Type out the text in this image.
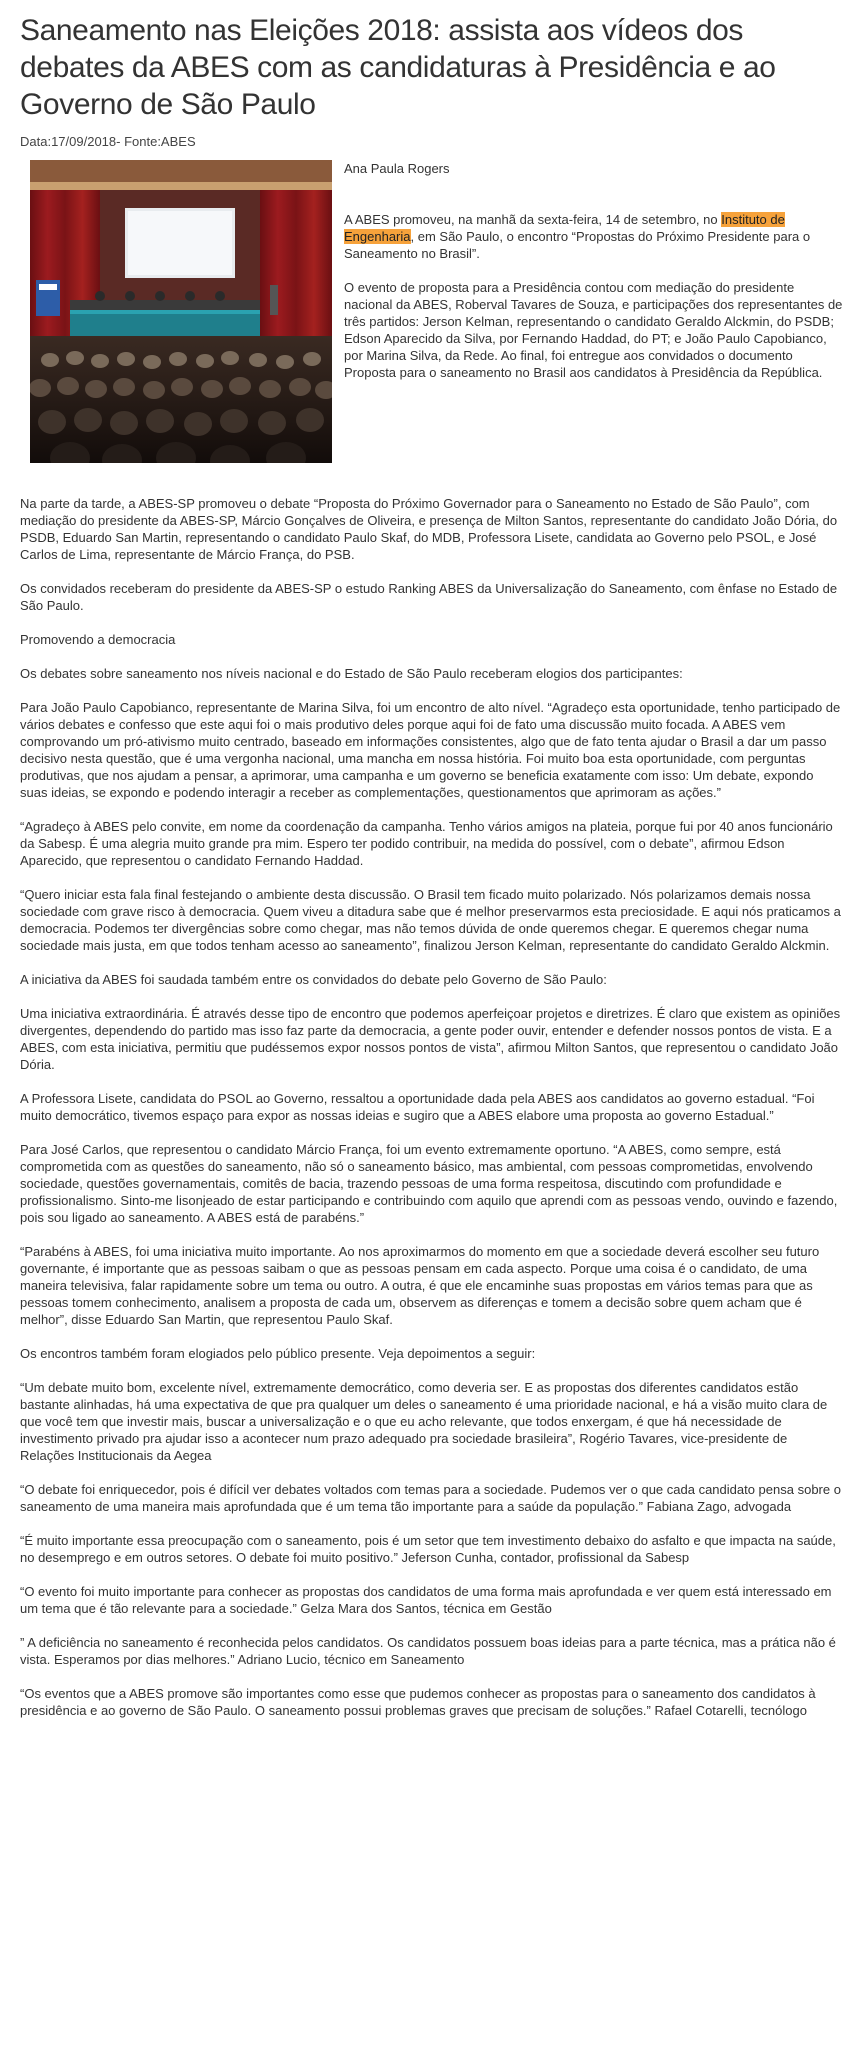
Saneamento nas Eleições 2018: assista aos vídeos dos debates da ABES com as candidaturas à Presidência e ao Governo de São Paulo
Data:17/09/2018- Fonte:ABES

Ana Paula Rogers

A ABES promoveu, na manhã da sexta-feira, 14 de setembro, no Instituto de Engenharia, em São Paulo, o encontro “Propostas do Próximo Presidente para o Saneamento no Brasil”.

O evento de proposta para a Presidência contou com mediação do presidente nacional da ABES, Roberval Tavares de Souza, e participações dos representantes de três partidos: Jerson Kelman, representando o candidato Geraldo Alckmin, do PSDB; Edson Aparecido da Silva, por Fernando Haddad, do PT; e João Paulo Capobianco, por Marina Silva, da Rede. Ao final, foi entregue aos convidados o documento Proposta para o saneamento no Brasil aos candidatos à Presidência da República.

Na parte da tarde, a ABES-SP promoveu o debate “Proposta do Próximo Governador para o Saneamento no Estado de São Paulo”, com mediação do presidente da ABES-SP, Márcio Gonçalves de Oliveira, e presença de Milton Santos, representante do candidato João Dória, do PSDB, Eduardo San Martin, representando o candidato Paulo Skaf, do MDB, Professora Lisete, candidata ao Governo pelo PSOL, e José Carlos de Lima, representante de Márcio França, do PSB.

Os convidados receberam do presidente da ABES-SP o estudo Ranking ABES da Universalização do Saneamento, com ênfase no Estado de São Paulo.

Promovendo a democracia

Os debates sobre saneamento nos níveis nacional e do Estado de São Paulo receberam elogios dos participantes:

Para João Paulo Capobianco, representante de Marina Silva, foi um encontro de alto nível. “Agradeço esta oportunidade, tenho participado de vários debates e confesso que este aqui foi o mais produtivo deles porque aqui foi de fato uma discussão muito focada. A ABES vem comprovando um pró-ativismo muito centrado, baseado em informações consistentes, algo que de fato tenta ajudar o Brasil a dar um passo decisivo nesta questão, que é uma vergonha nacional, uma mancha em nossa história. Foi muito boa esta oportunidade, com perguntas produtivas, que nos ajudam a pensar, a aprimorar, uma campanha e um governo se beneficia exatamente com isso: Um debate, expondo suas ideias, se expondo e podendo interagir a receber as complementações, questionamentos que aprimoram as ações.”

“Agradeço à ABES pelo convite, em nome da coordenação da campanha. Tenho vários amigos na plateia, porque fui por 40 anos funcionário da Sabesp. É uma alegria muito grande pra mim. Espero ter podido contribuir, na medida do possível, com o debate”, afirmou Edson Aparecido, que representou o candidato Fernando Haddad.

“Quero iniciar esta fala final festejando o ambiente desta discussão. O Brasil tem ficado muito polarizado. Nós polarizamos demais nossa sociedade com grave risco à democracia. Quem viveu a ditadura sabe que é melhor preservarmos esta preciosidade. E aqui nós praticamos a democracia. Podemos ter divergências sobre como chegar, mas não temos dúvida de onde queremos chegar. E queremos chegar numa sociedade mais justa, em que todos tenham acesso ao saneamento”, finalizou Jerson Kelman, representante do candidato Geraldo Alckmin.

A iniciativa da ABES foi saudada também entre os convidados do debate pelo Governo de São Paulo:

Uma iniciativa extraordinária. É através desse tipo de encontro que podemos aperfeiçoar projetos e diretrizes. É claro que existem as opiniões divergentes, dependendo do partido mas isso faz parte da democracia, a gente poder ouvir, entender e defender nossos pontos de vista. E a ABES, com esta iniciativa, permitiu que pudéssemos expor nossos pontos de vista”, afirmou Milton Santos, que representou o candidato João Dória.

A Professora Lisete, candidata do PSOL ao Governo, ressaltou a oportunidade dada pela ABES aos candidatos ao governo estadual. “Foi muito democrático, tivemos espaço para expor as nossas ideias e sugiro que a ABES elabore uma proposta ao governo Estadual.”

Para José Carlos, que representou o candidato Márcio França, foi um evento extremamente oportuno. “A ABES, como sempre, está comprometida com as questões do saneamento, não só o saneamento básico, mas ambiental, com pessoas comprometidas, envolvendo sociedade, questões governamentais, comitês de bacia, trazendo pessoas de uma forma respeitosa, discutindo com profundidade e profissionalismo. Sinto-me lisonjeado de estar participando e contribuindo com aquilo que aprendi com as pessoas vendo, ouvindo e fazendo, pois sou ligado ao saneamento. A ABES está de parabéns.”

“Parabéns à ABES, foi uma iniciativa muito importante. Ao nos aproximarmos do momento em que a sociedade deverá escolher seu futuro governante, é importante que as pessoas saibam o que as pessoas pensam em cada aspecto. Porque uma coisa é o candidato, de uma maneira televisiva, falar rapidamente sobre um tema ou outro. A outra, é que ele encaminhe suas propostas em vários temas para que as pessoas tomem conhecimento, analisem a proposta de cada um, observem as diferenças e tomem a decisão sobre quem acham que é melhor”, disse Eduardo San Martin, que representou Paulo Skaf.

Os encontros também foram elogiados pelo público presente. Veja depoimentos a seguir:

“Um debate muito bom, excelente nível, extremamente democrático, como deveria ser. E as propostas dos diferentes candidatos estão bastante alinhadas, há uma expectativa de que pra qualquer um deles o saneamento é uma prioridade nacional, e há a visão muito clara de que você tem que investir mais, buscar a universalização e o que eu acho relevante, que todos enxergam, é que há necessidade de investimento privado pra ajudar isso a acontecer num prazo adequado pra sociedade brasileira”, Rogério Tavares, vice-presidente de Relações Institucionais da Aegea

“O debate foi enriquecedor, pois é difícil ver debates voltados com temas para a sociedade. Pudemos ver o que cada candidato pensa sobre o saneamento de uma maneira mais aprofundada que é um tema tão importante para a saúde da população.” Fabiana Zago, advogada

“É muito importante essa preocupação com o saneamento, pois é um setor que tem investimento debaixo do asfalto e que impacta na saúde, no desemprego e em outros setores. O debate foi muito positivo.” Jeferson Cunha, contador, profissional da Sabesp

“O evento foi muito importante para conhecer as propostas dos candidatos de uma forma mais aprofundada e ver quem está interessado em um tema que é tão relevante para a sociedade.” Gelza Mara dos Santos, técnica em Gestão

” A deficiência no saneamento é reconhecida pelos candidatos. Os candidatos possuem boas ideias para a parte técnica, mas a prática não é vista. Esperamos por dias melhores.” Adriano Lucio, técnico em Saneamento

“Os eventos que a ABES promove são importantes como esse que pudemos conhecer as propostas para o saneamento dos candidatos à presidência e ao governo de São Paulo. O saneamento possui problemas graves que precisam de soluções.” Rafael Cotarelli, tecnólogo
